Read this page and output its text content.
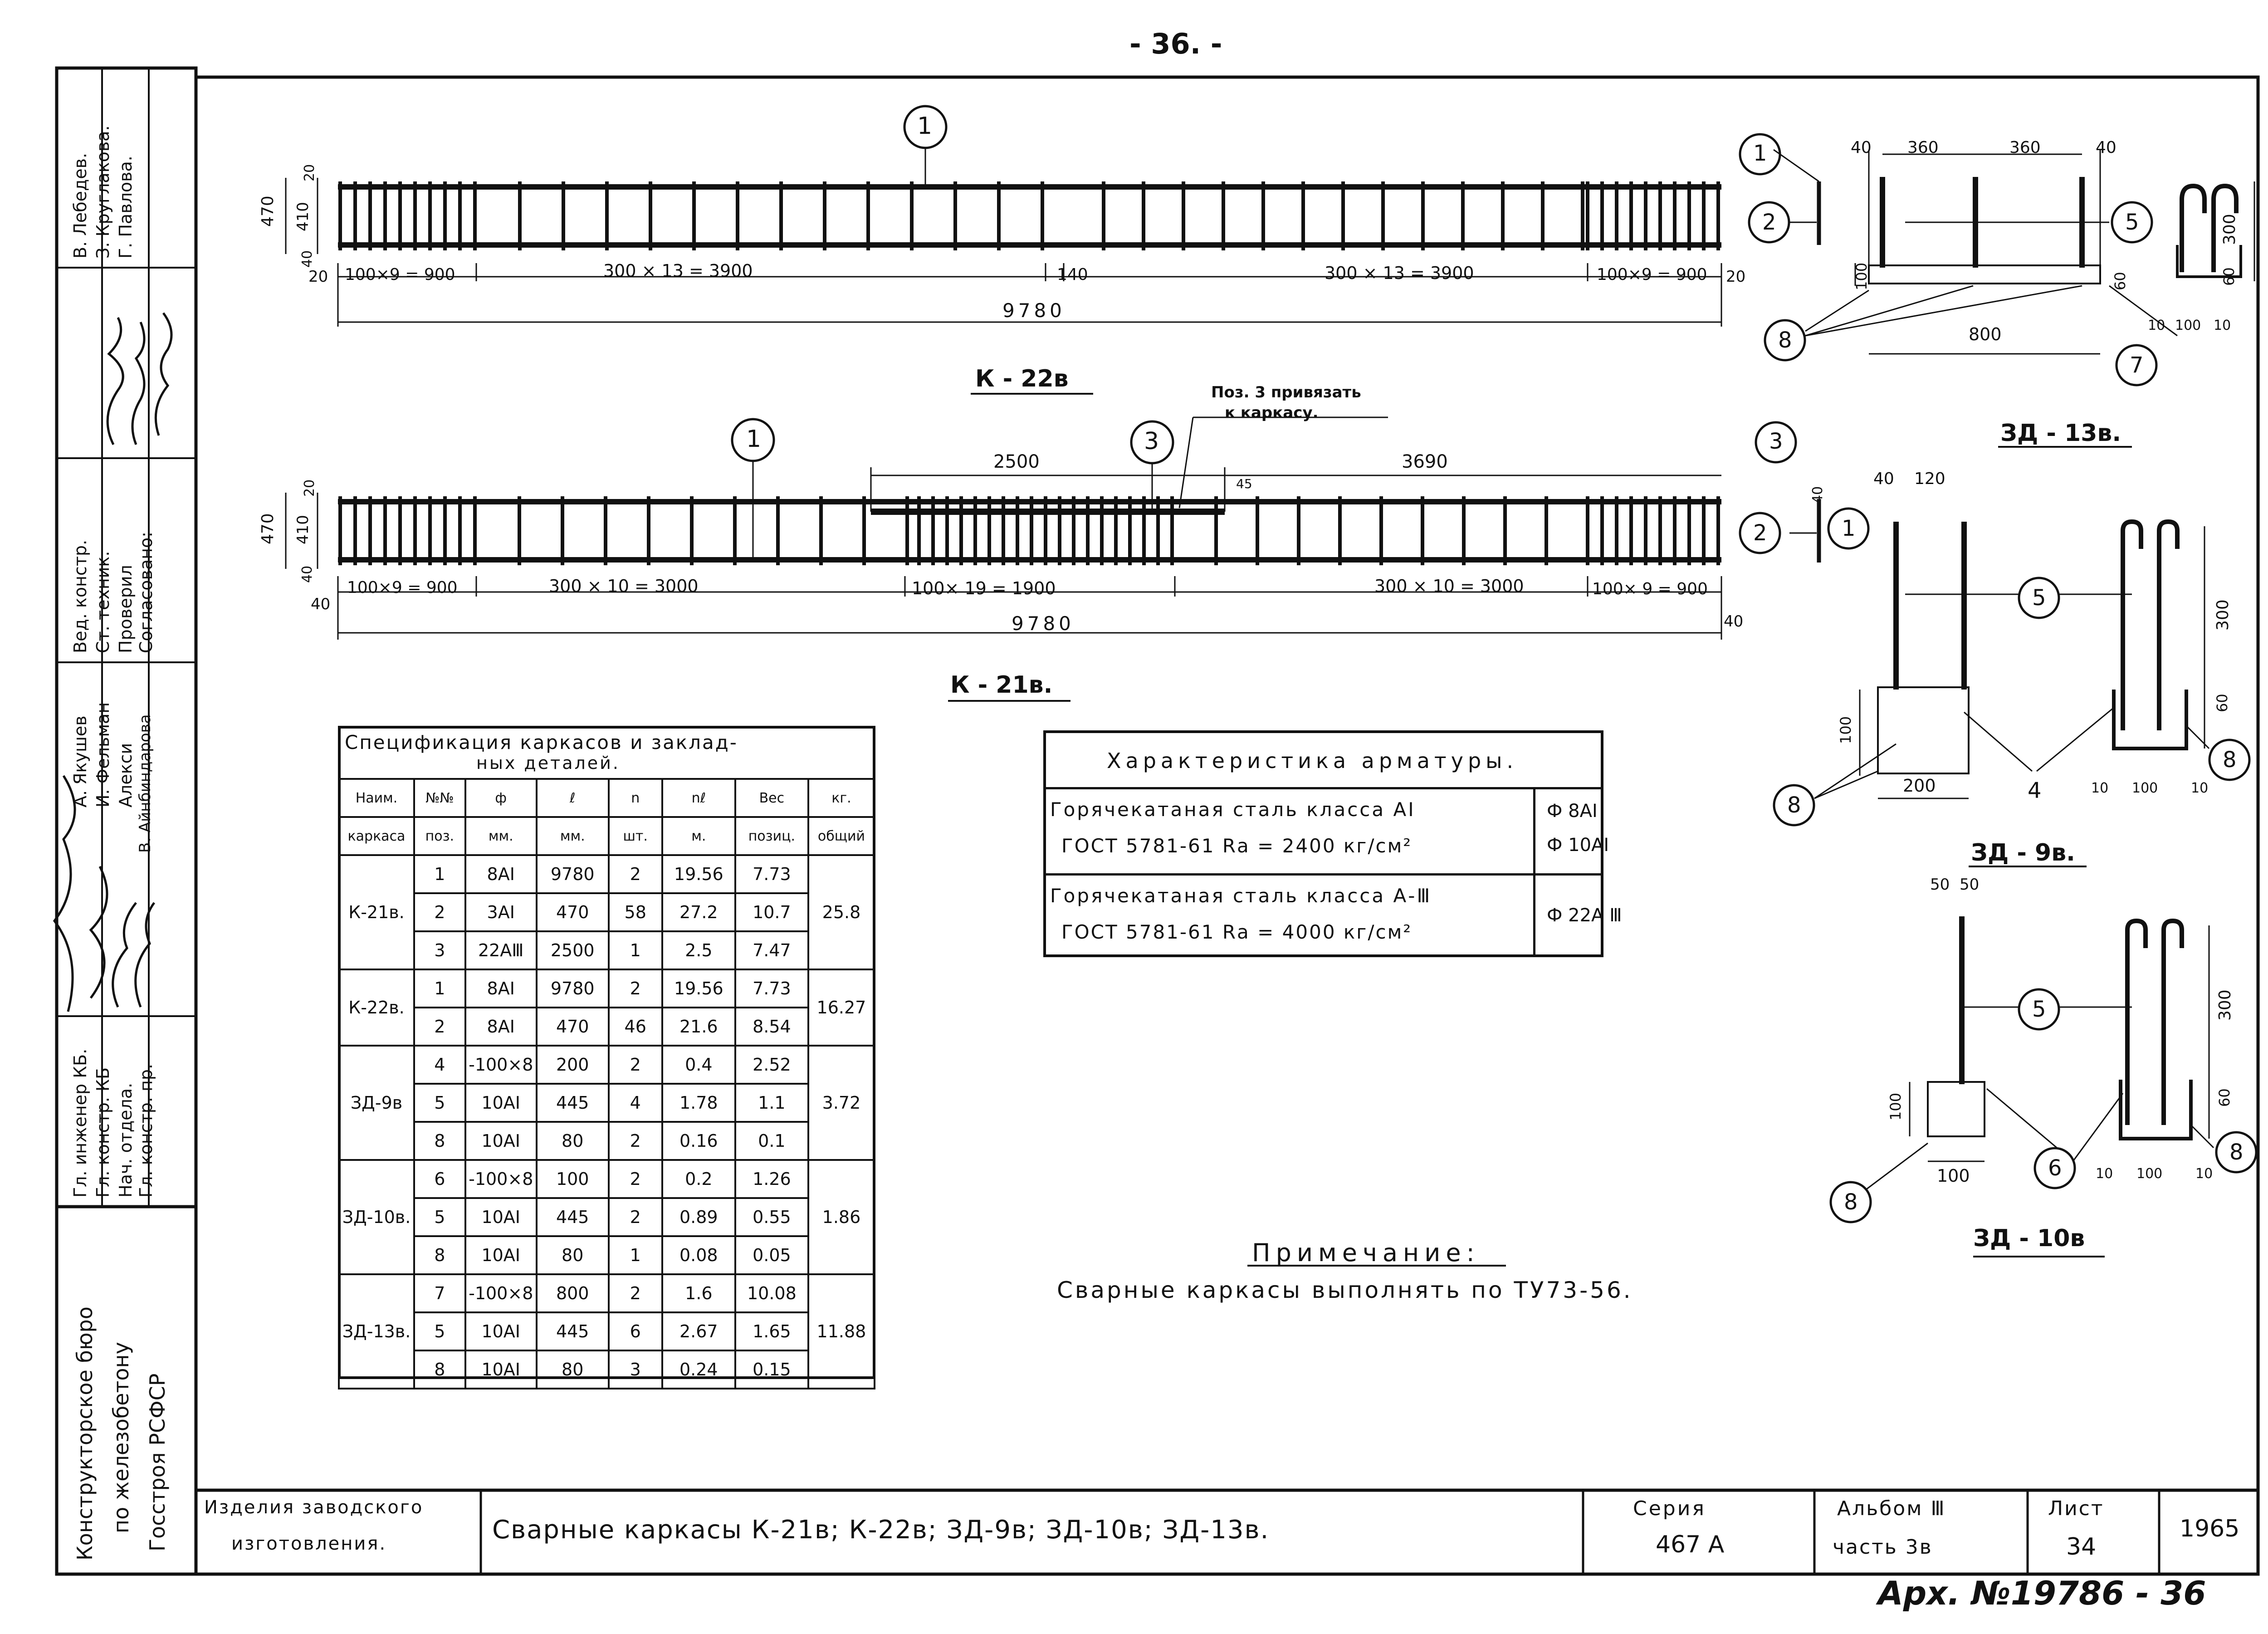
- 36. -
Арх. №19786 - 36
Вед. констр. Ст. техник. Проверил Согласовано:
В. Лебедев. З. Круглакова. Г. Павлова.
Гл. инженер КБ. Гл. констр. КБ Нач. отдела. Гл. констр. пр.
А. Якушев И. Фельман Алекси В. Айнбиндарова
Конструкторское бюро по железобетону Госстроя РСФСР
1
470 410
20
40
20	20
100×9 = 900	300 × 13 = 3900	140	300 × 13 = 3900	100×9 = 900
9780
К - 22в
1	3
Поз. 3 привязать
к каркасу.
2500	3690
45
470 410
20
40
40
40
100×9 = 900	300 × 10 = 3000	100× 19 = 1900	300 × 10 = 3000	100× 9 = 900
9780
К - 21в.
1
2
3
2	1
40 360	360	40
800
100	60
300
60
10 100 10
5
8
7
ЗД - 13в.
40 120
40
200
100
300
60
10 100 10
5
8
4
8
ЗД - 9в.
50 50
100
100
300
60
10 100 10
5
6
8
8
ЗД - 10в
Спецификация каркасов и заклад-
ных деталей.
Наим.	№№	ф	ℓ	n	nℓ	Вес	кг.
каркаса	поз.	мм.	мм.	шт.	м.	позиц.	общий
К-21в.	1	8АI	9780	2	19.56	7.73	25.8
	2	3АI	470	58	27.2	10.7	
	3	22АⅢ	2500	1	2.5	7.47	
К-22в.	1	8АI	9780	2	19.56	7.73	16.27
	2	8АI	470	46	21.6	8.54	
ЗД-9в	4	-100×8	200	2	0.4	2.52	3.72
	5	10АI	445	4	1.78	1.1	
	8	10АI	80	2	0.16	0.1	
ЗД-10в.	6	-100×8	100	2	0.2	1.26	1.86
	5	10АI	445	2	0.89	0.55	
	8	10АI	80	1	0.08	0.05	
ЗД-13в.	7	-100×8	800	2	1.6	10.08	11.88
	5	10АI	445	6	2.67	1.65	
	8	10АI	80	3	0.24	0.15	
Характеристика арматуры.
Горячекатаная сталь класса АI
ГОСТ 5781-61 Rа = 2400 кг/см²
Ф 8АI
Ф 10АI
Горячекатаная сталь класса А-Ⅲ
ГОСТ 5781-61 Rа = 4000 кг/см²
Ф 22А Ⅲ
Примечание:
Сварные каркасы выполнять по ТУ73-56.
Изделия заводского
изготовления.	Сварные каркасы К-21в; К-22в; ЗД-9в; ЗД-10в; ЗД-13в.
Серия
467 А
Альбом Ⅲ
часть 3в
Лист
34
1965
